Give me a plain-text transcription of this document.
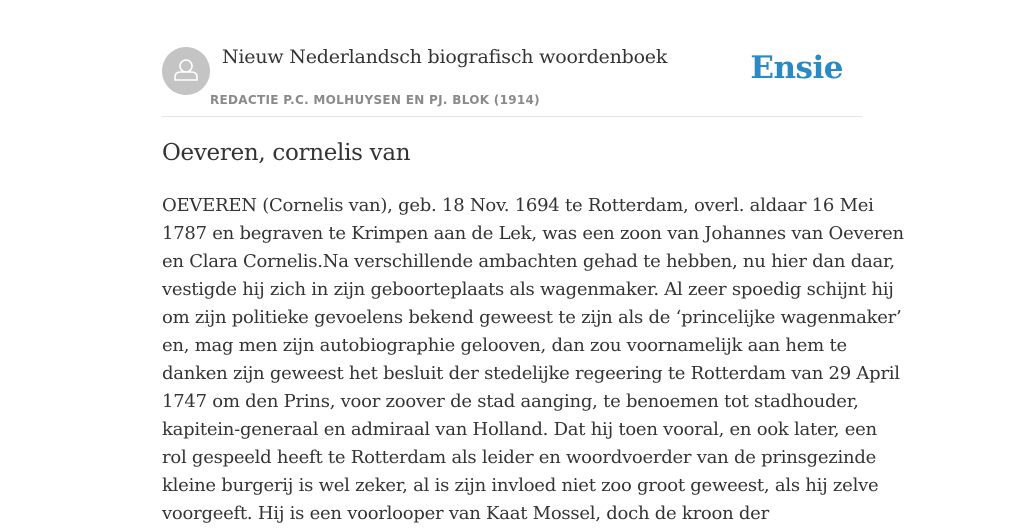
Nieuw Nederlandsch biografisch woordenboek
REDACTIE P.C. MOLHUYSEN EN PJ. BLOK (1914)
Ensie
Oeveren, cornelis van
OEVEREN (Cornelis van), geb. 18 Nov. 1694 te Rotterdam, overl. aldaar 16 Mei
1787 en begraven te Krimpen aan de Lek, was een zoon van Johannes van Oeveren
en Clara Cornelis.Na verschillende ambachten gehad te hebben, nu hier dan daar,
vestigde hij zich in zijn geboorteplaats als wagenmaker. Al zeer spoedig schijnt hij
om zijn politieke gevoelens bekend geweest te zijn als de ‘princelijke wagenmaker’
en, mag men zijn autobiographie gelooven, dan zou voornamelijk aan hem te
danken zijn geweest het besluit der stedelijke regeering te Rotterdam van 29 April
1747 om den Prins, voor zoover de stad aanging, te benoemen tot stadhouder,
kapitein-generaal en admiraal van Holland. Dat hij toen vooral, en ook later, een
rol gespeeld heeft te Rotterdam als leider en woordvoerder van de prinsgezinde
kleine burgerij is wel zeker, al is zijn invloed niet zoo groot geweest, als hij zelve
voorgeeft. Hij is een voorlooper van Kaat Mossel, doch de kroon der
